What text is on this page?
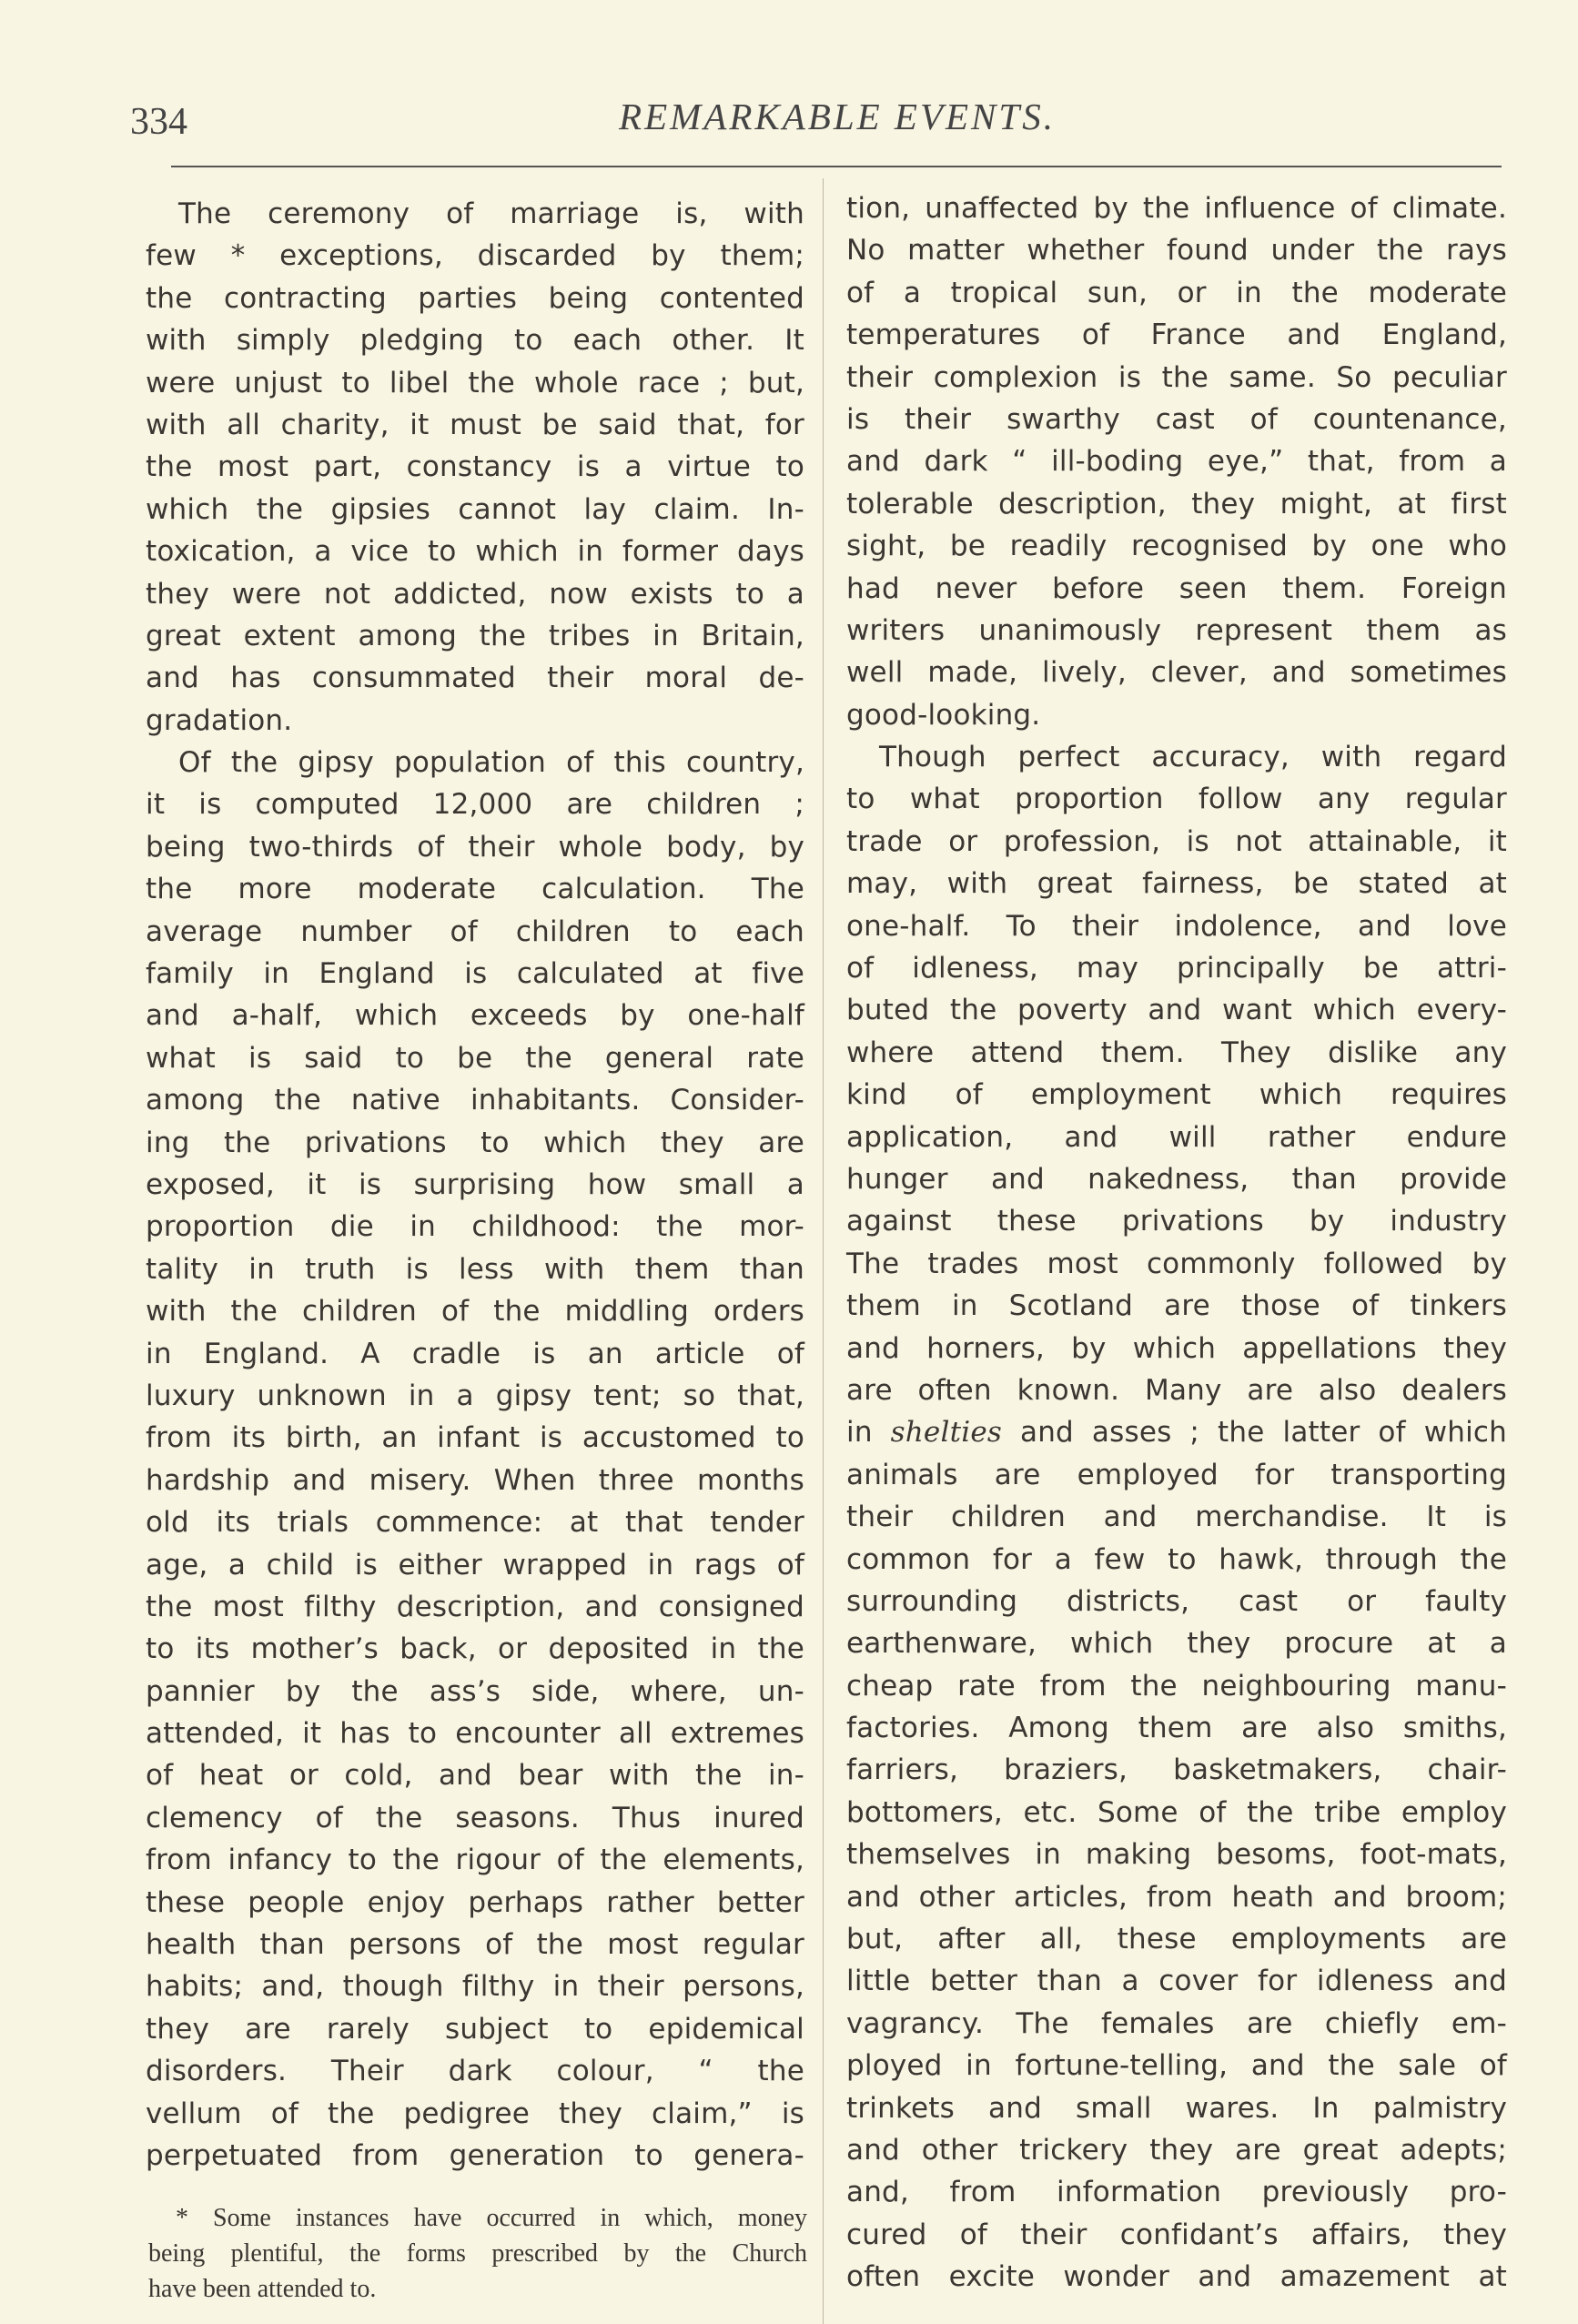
334	REMARKABLE EVENTS.
The ceremony of marriage is, with
few * exceptions, discarded by them;
the contracting parties being contented
with simply pledging to each other. It
were unjust to libel the whole race ; but,
with all charity, it must be said that, for
the most part, constancy is a virtue to
which the gipsies cannot lay claim. In-
toxication, a vice to which in former days
they were not addicted, now exists to a
great extent among the tribes in Britain,
and has consummated their moral de-
gradation.
Of the gipsy population of this country,
it is computed 12,000 are children ;
being two-thirds of their whole body, by
the more moderate calculation. The
average number of children to each
family in England is calculated at five
and a-half, which exceeds by one-half
what is said to be the general rate
among the native inhabitants. Consider-
ing the privations to which they are
exposed, it is surprising how small a
proportion die in childhood: the mor-
tality in truth is less with them than
with the children of the middling orders
in England. A cradle is an article of
luxury unknown in a gipsy tent; so that,
from its birth, an infant is accustomed to
hardship and misery. When three months
old its trials commence: at that tender
age, a child is either wrapped in rags of
the most filthy description, and consigned
to its mother’s back, or deposited in the
pannier by the ass’s side, where, un-
attended, it has to encounter all extremes
of heat or cold, and bear with the in-
clemency of the seasons. Thus inured
from infancy to the rigour of the elements,
these people enjoy perhaps rather better
health than persons of the most regular
habits; and, though filthy in their persons,
they are rarely subject to epidemical
disorders. Their dark colour, “ the
vellum of the pedigree they claim,” is
perpetuated from generation to genera-
tion, unaffected by the influence of climate.
No matter whether found under the rays
of a tropical sun, or in the moderate
temperatures of France and England,
their complexion is the same. So peculiar
is their swarthy cast of countenance,
and dark “ ill-boding eye,” that, from a
tolerable description, they might, at first
sight, be readily recognised by one who
had never before seen them. Foreign
writers unanimously represent them as
well made, lively, clever, and sometimes
good-looking.
Though perfect accuracy, with regard
to what proportion follow any regular
trade or profession, is not attainable, it
may, with great fairness, be stated at
one-half. To their indolence, and love
of idleness, may principally be attri-
buted the poverty and want which every-
where attend them. They dislike any
kind of employment which requires
application, and will rather endure
hunger and nakedness, than provide
against these privations by industry
The trades most commonly followed by
them in Scotland are those of tinkers
and horners, by which appellations they
are often known. Many are also dealers
in shelties and asses ; the latter of which
animals are employed for transporting
their children and merchandise. It is
common for a few to hawk, through the
surrounding districts, cast or faulty
earthenware, which they procure at a
cheap rate from the neighbouring manu-
factories. Among them are also smiths,
farriers, braziers, basketmakers, chair-
bottomers, etc. Some of the tribe employ
themselves in making besoms, foot-mats,
and other articles, from heath and broom;
but, after all, these employments are
little better than a cover for idleness and
vagrancy. The females are chiefly em-
ployed in fortune-telling, and the sale of
trinkets and small wares. In palmistry
and other trickery they are great adepts;
and, from information previously pro-
cured of their confidant’s affairs, they
often excite wonder and amazement at
* Some instances have occurred in which, money
being plentiful, the forms prescribed by the Church
have been attended to.
